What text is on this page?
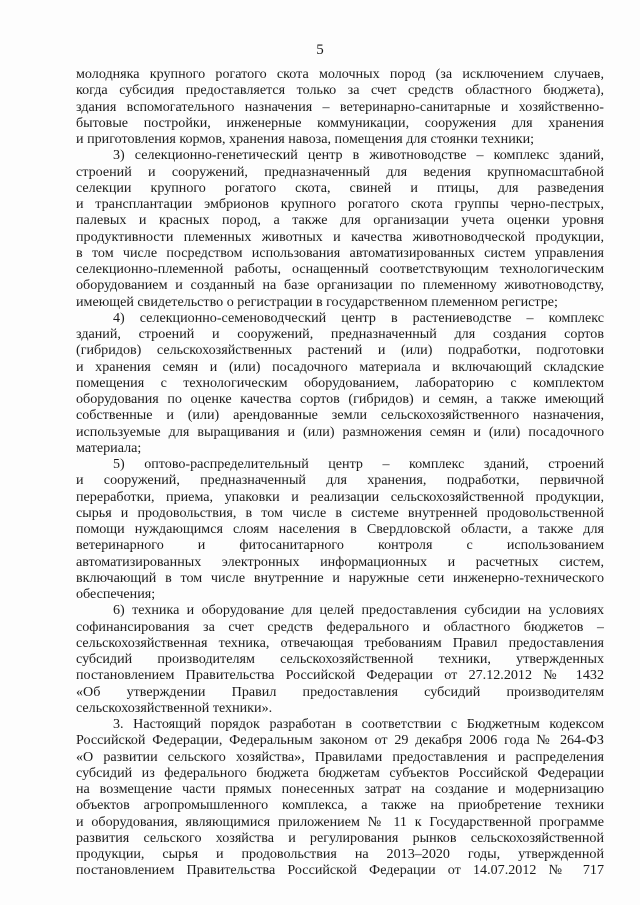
5
молодняка крупного рогатого скота молочных пород (за исключением случаев,
когда субсидия предоставляется только за счет средств областного бюджета),
здания вспомогательного назначения – ветеринарно-санитарные и хозяйственно-
бытовые постройки, инженерные коммуникации, сооружения для хранения
и приготовления кормов, хранения навоза, помещения для стоянки техники;
3) селекционно-генетический центр в животноводстве – комплекс зданий,
строений и сооружений, предназначенный для ведения крупномасштабной
селекции крупного рогатого скота, свиней и птицы, для разведения
и трансплантации эмбрионов крупного рогатого скота группы черно-пестрых,
палевых и красных пород, а также для организации учета оценки уровня
продуктивности племенных животных и качества животноводческой продукции,
в том числе посредством использования автоматизированных систем управления
селекционно-племенной работы, оснащенный соответствующим технологическим
оборудованием и созданный на базе организации по племенному животноводству,
имеющей свидетельство о регистрации в государственном племенном регистре;
4) селекционно-семеноводческий центр в растениеводстве – комплекс
зданий, строений и сооружений, предназначенный для создания сортов
(гибридов) сельскохозяйственных растений и (или) подработки, подготовки
и хранения семян и (или) посадочного материала и включающий складские
помещения с технологическим оборудованием, лабораторию с комплектом
оборудования по оценке качества сортов (гибридов) и семян, а также имеющий
собственные и (или) арендованные земли сельскохозяйственного назначения,
используемые для выращивания и (или) размножения семян и (или) посадочного
материала;
5) оптово-распределительный центр – комплекс зданий, строений
и сооружений, предназначенный для хранения, подработки, первичной
переработки, приема, упаковки и реализации сельскохозяйственной продукции,
сырья и продовольствия, в том числе в системе внутренней продовольственной
помощи нуждающимся слоям населения в Свердловской области, а также для
ветеринарного и фитосанитарного контроля с использованием
автоматизированных электронных информационных и расчетных систем,
включающий в том числе внутренние и наружные сети инженерно-технического
обеспечения;
6) техника и оборудование для целей предоставления субсидии на условиях
софинансирования за счет средств федерального и областного бюджетов –
сельскохозяйственная техника, отвечающая требованиям Правил предоставления
субсидий производителям сельскохозяйственной техники, утвержденных
постановлением Правительства Российской Федерации от 27.12.2012 № 1432
«Об утверждении Правил предоставления субсидий производителям
сельскохозяйственной техники».
3. Настоящий порядок разработан в соответствии с Бюджетным кодексом
Российской Федерации, Федеральным законом от 29 декабря 2006 года № 264-ФЗ
«О развитии сельского хозяйства», Правилами предоставления и распределения
субсидий из федерального бюджета бюджетам субъектов Российской Федерации
на возмещение части прямых понесенных затрат на создание и модернизацию
объектов агропромышленного комплекса, а также на приобретение техники
и оборудования, являющимися приложением № 11 к Государственной программе
развития сельского хозяйства и регулирования рынков сельскохозяйственной
продукции, сырья и продовольствия на 2013–2020 годы, утвержденной
постановлением Правительства Российской Федерации от 14.07.2012 № 717
